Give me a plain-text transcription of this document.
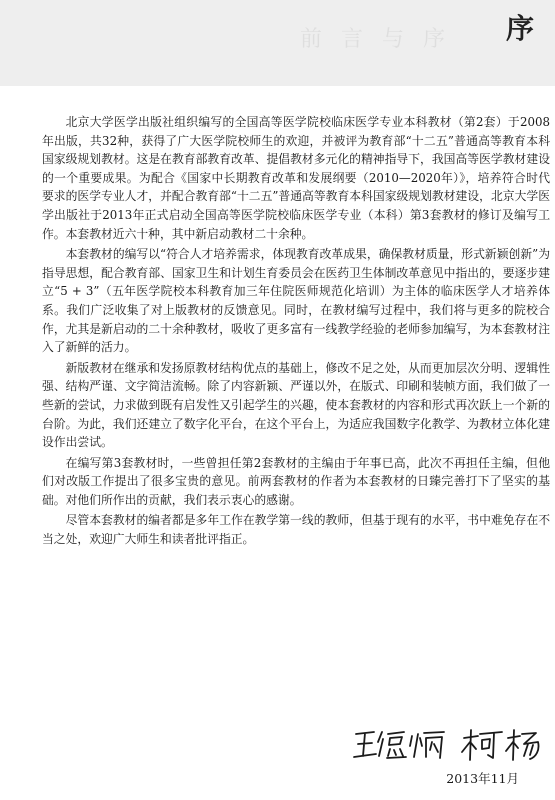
前 言 与 序 序

北京大学医学出版社组织编写的全国高等医学院校临床医学专业本科教材（第2套）于2008年出版，共32种，获得了广大医学院校师生的欢迎，并被评为教育部“十二五”普通高等教育本科国家级规划教材。这是在教育部教育改革、提倡教材多元化的精神指导下，我国高等医学教材建设的一个重要成果。为配合《国家中长期教育改革和发展纲要（2010—2020年）》，培养符合时代要求的医学专业人才，并配合教育部“十二五”普通高等教育本科国家级规划教材建设，北京大学医学出版社于2013年正式启动全国高等医学院校临床医学专业（本科）第3套教材的修订及编写工作。本套教材近六十种，其中新启动教材二十余种。

本套教材的编写以“符合人才培养需求，体现教育改革成果，确保教材质量，形式新颖创新”为指导思想，配合教育部、国家卫生和计划生育委员会在医药卫生体制改革意见中指出的，要逐步建立“5 + 3”（五年医学院校本科教育加三年住院医师规范化培训）为主体的临床医学人才培养体系。我们广泛收集了对上版教材的反馈意见。同时，在教材编写过程中，我们将与更多的院校合作，尤其是新启动的二十余种教材，吸收了更多富有一线教学经验的老师参加编写，为本套教材注入了新鲜的活力。

新版教材在继承和发扬原教材结构优点的基础上，修改不足之处，从而更加层次分明、逻辑性强、结构严谨、文字简洁流畅。除了内容新颖、严谨以外，在版式、印刷和装帧方面，我们做了一些新的尝试，力求做到既有启发性又引起学生的兴趣，使本套教材的内容和形式再次跃上一个新的台阶。为此，我们还建立了数字化平台，在这个平台上，为适应我国数字化教学、为教材立体化建设作出尝试。

在编写第3套教材时，一些曾担任第2套教材的主编由于年事已高，此次不再担任主编，但他们对改版工作提出了很多宝贵的意见。前两套教材的作者为本套教材的日臻完善打下了坚实的基础。对他们所作出的贡献，我们表示衷心的感谢。

尽管本套教材的编者都是多年工作在教学第一线的教师，但基于现有的水平，书中难免存在不当之处，欢迎广大师生和读者批评指正。

2013年11月
